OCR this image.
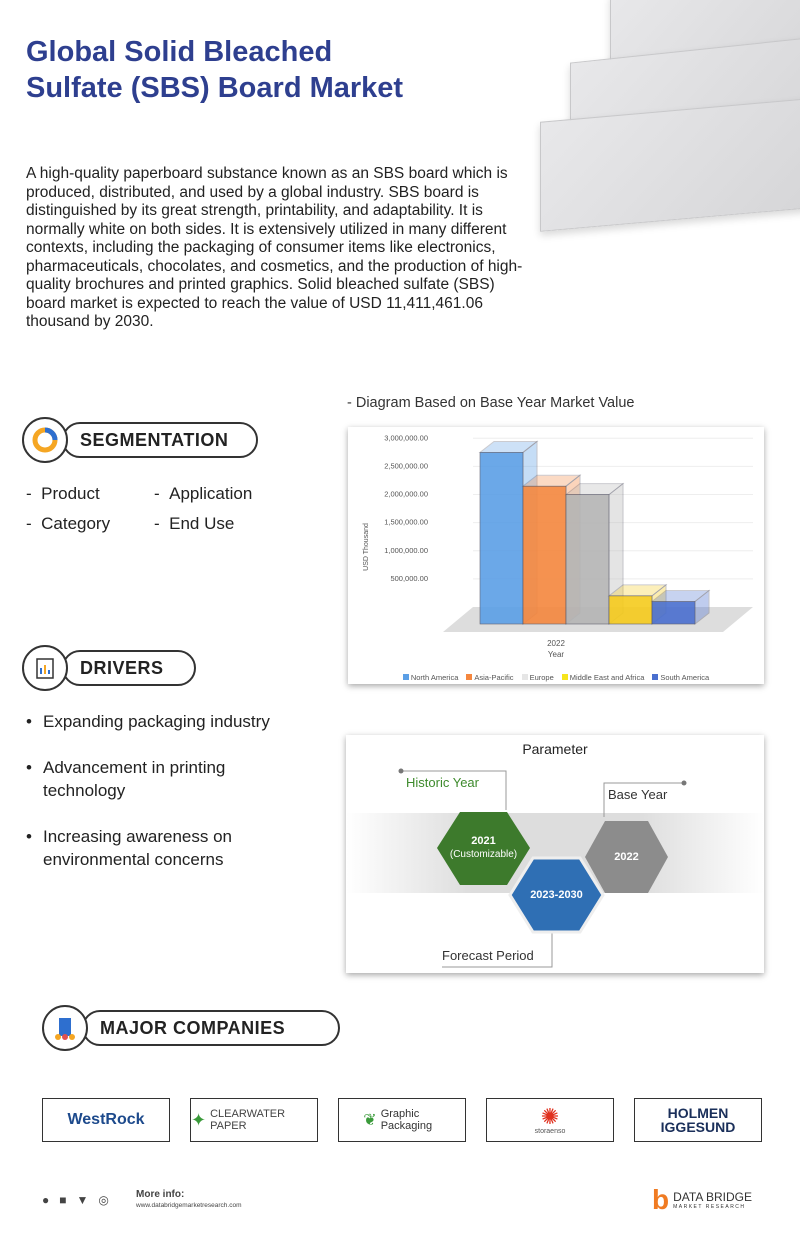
Global Solid Bleached Sulfate (SBS) Board Market

A high-quality paperboard substance known as an SBS board which is produced, distributed, and used by a global industry. SBS board is distinguished by its great strength, printability, and adaptability. It is normally white on both sides. It is extensively utilized in many different contexts, including the packaging of consumer items like electronics, pharmaceuticals, chocolates, and cosmetics, and the production of high-quality brochures and printed graphics. Solid bleached sulfate (SBS) board market is expected to reach the value of USD 11,411,461.06 thousand by 2030.

SEGMENTATION
-  Product	-  Application
-  Category	-  End Use
DRIVERS
• Expanding packaging industry
• Advancement in printing technology
• Increasing awareness on environmental concerns
- Diagram Based on Base Year Market Value
500,000.00
1,000,000.00
1,500,000.00
2,000,000.00
2,500,000.00
3,000,000.00
USD Thousand
2022
Year
North America Asia-Pacific Europe Middle East and Africa South America
Parameter
Historic Year
Base Year
Forecast Period
2021
(Customizable)
2023-2030
2022
MAJOR COMPANIES
WestRock	✦ CLEARWATER PAPER	❦ Graphic Packaging	✺
storaenso
HOLMEN IGGESUND
● ■ ▼ ◎	More info:
www.databridgemarketresearch.com	b DATA BRIDGE
MARKET RESEARCH
